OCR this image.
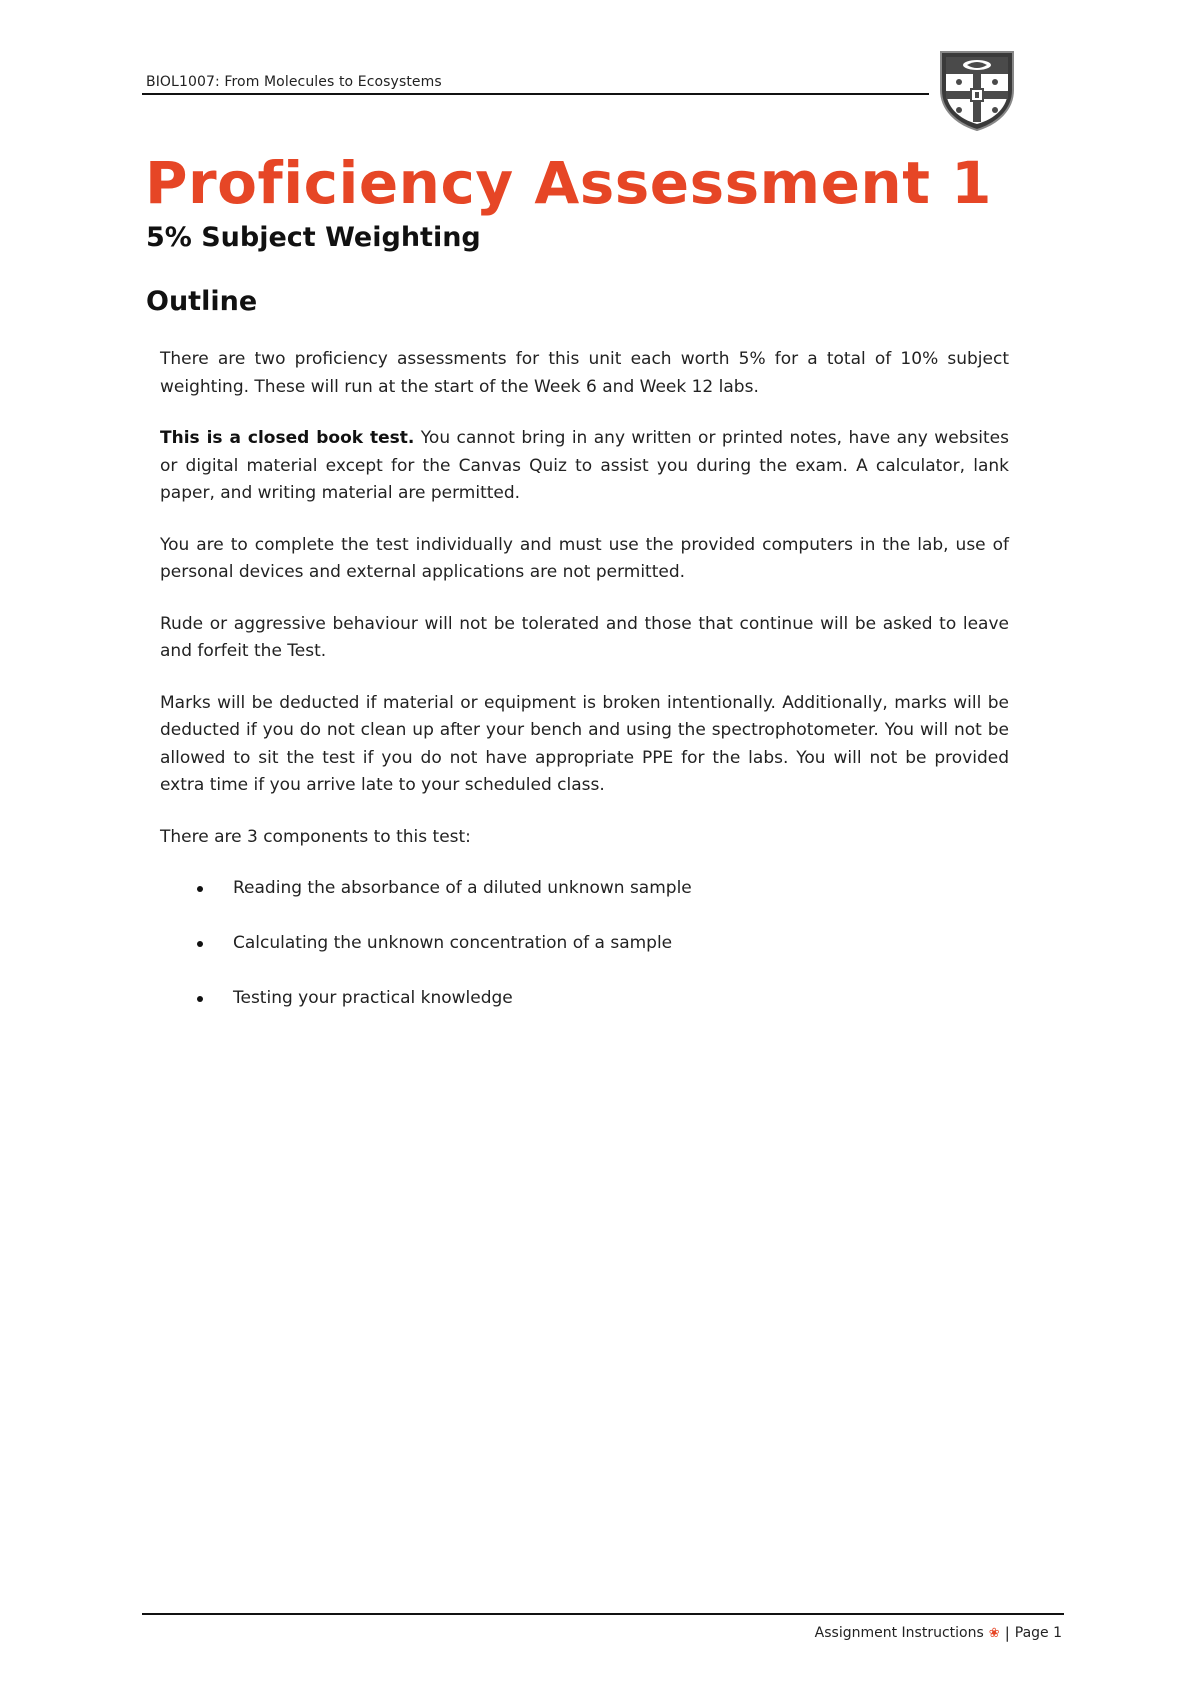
BIOL1007: From Molecules to Ecosystems
Proficiency Assessment 1
5% Subject Weighting
Outline

There are two proficiency assessments for this unit each worth 5% for a total of 10% subject weighting. These will run at the start of the Week 6 and Week 12 labs.

This is a closed book test. You cannot bring in any written or printed notes, have any websites or digital material except for the Canvas Quiz to assist you during the exam. A calculator, lank paper, and writing material are permitted.

You are to complete the test individually and must use the provided computers in the lab, use of personal devices and external applications are not permitted.

Rude or aggressive behaviour will not be tolerated and those that continue will be asked to leave and forfeit the Test.

Marks will be deducted if material or equipment is broken intentionally. Additionally, marks will be deducted if you do not clean up after your bench and using the spectrophotometer. You will not be allowed to sit the test if you do not have appropriate PPE for the labs. You will not be provided extra time if you arrive late to your scheduled class.

There are 3 components to this test:

Reading the absorbance of a diluted unknown sample
Calculating the unknown concentration of a sample
Testing your practical knowledge
Assignment Instructions ❀ | Page 1
